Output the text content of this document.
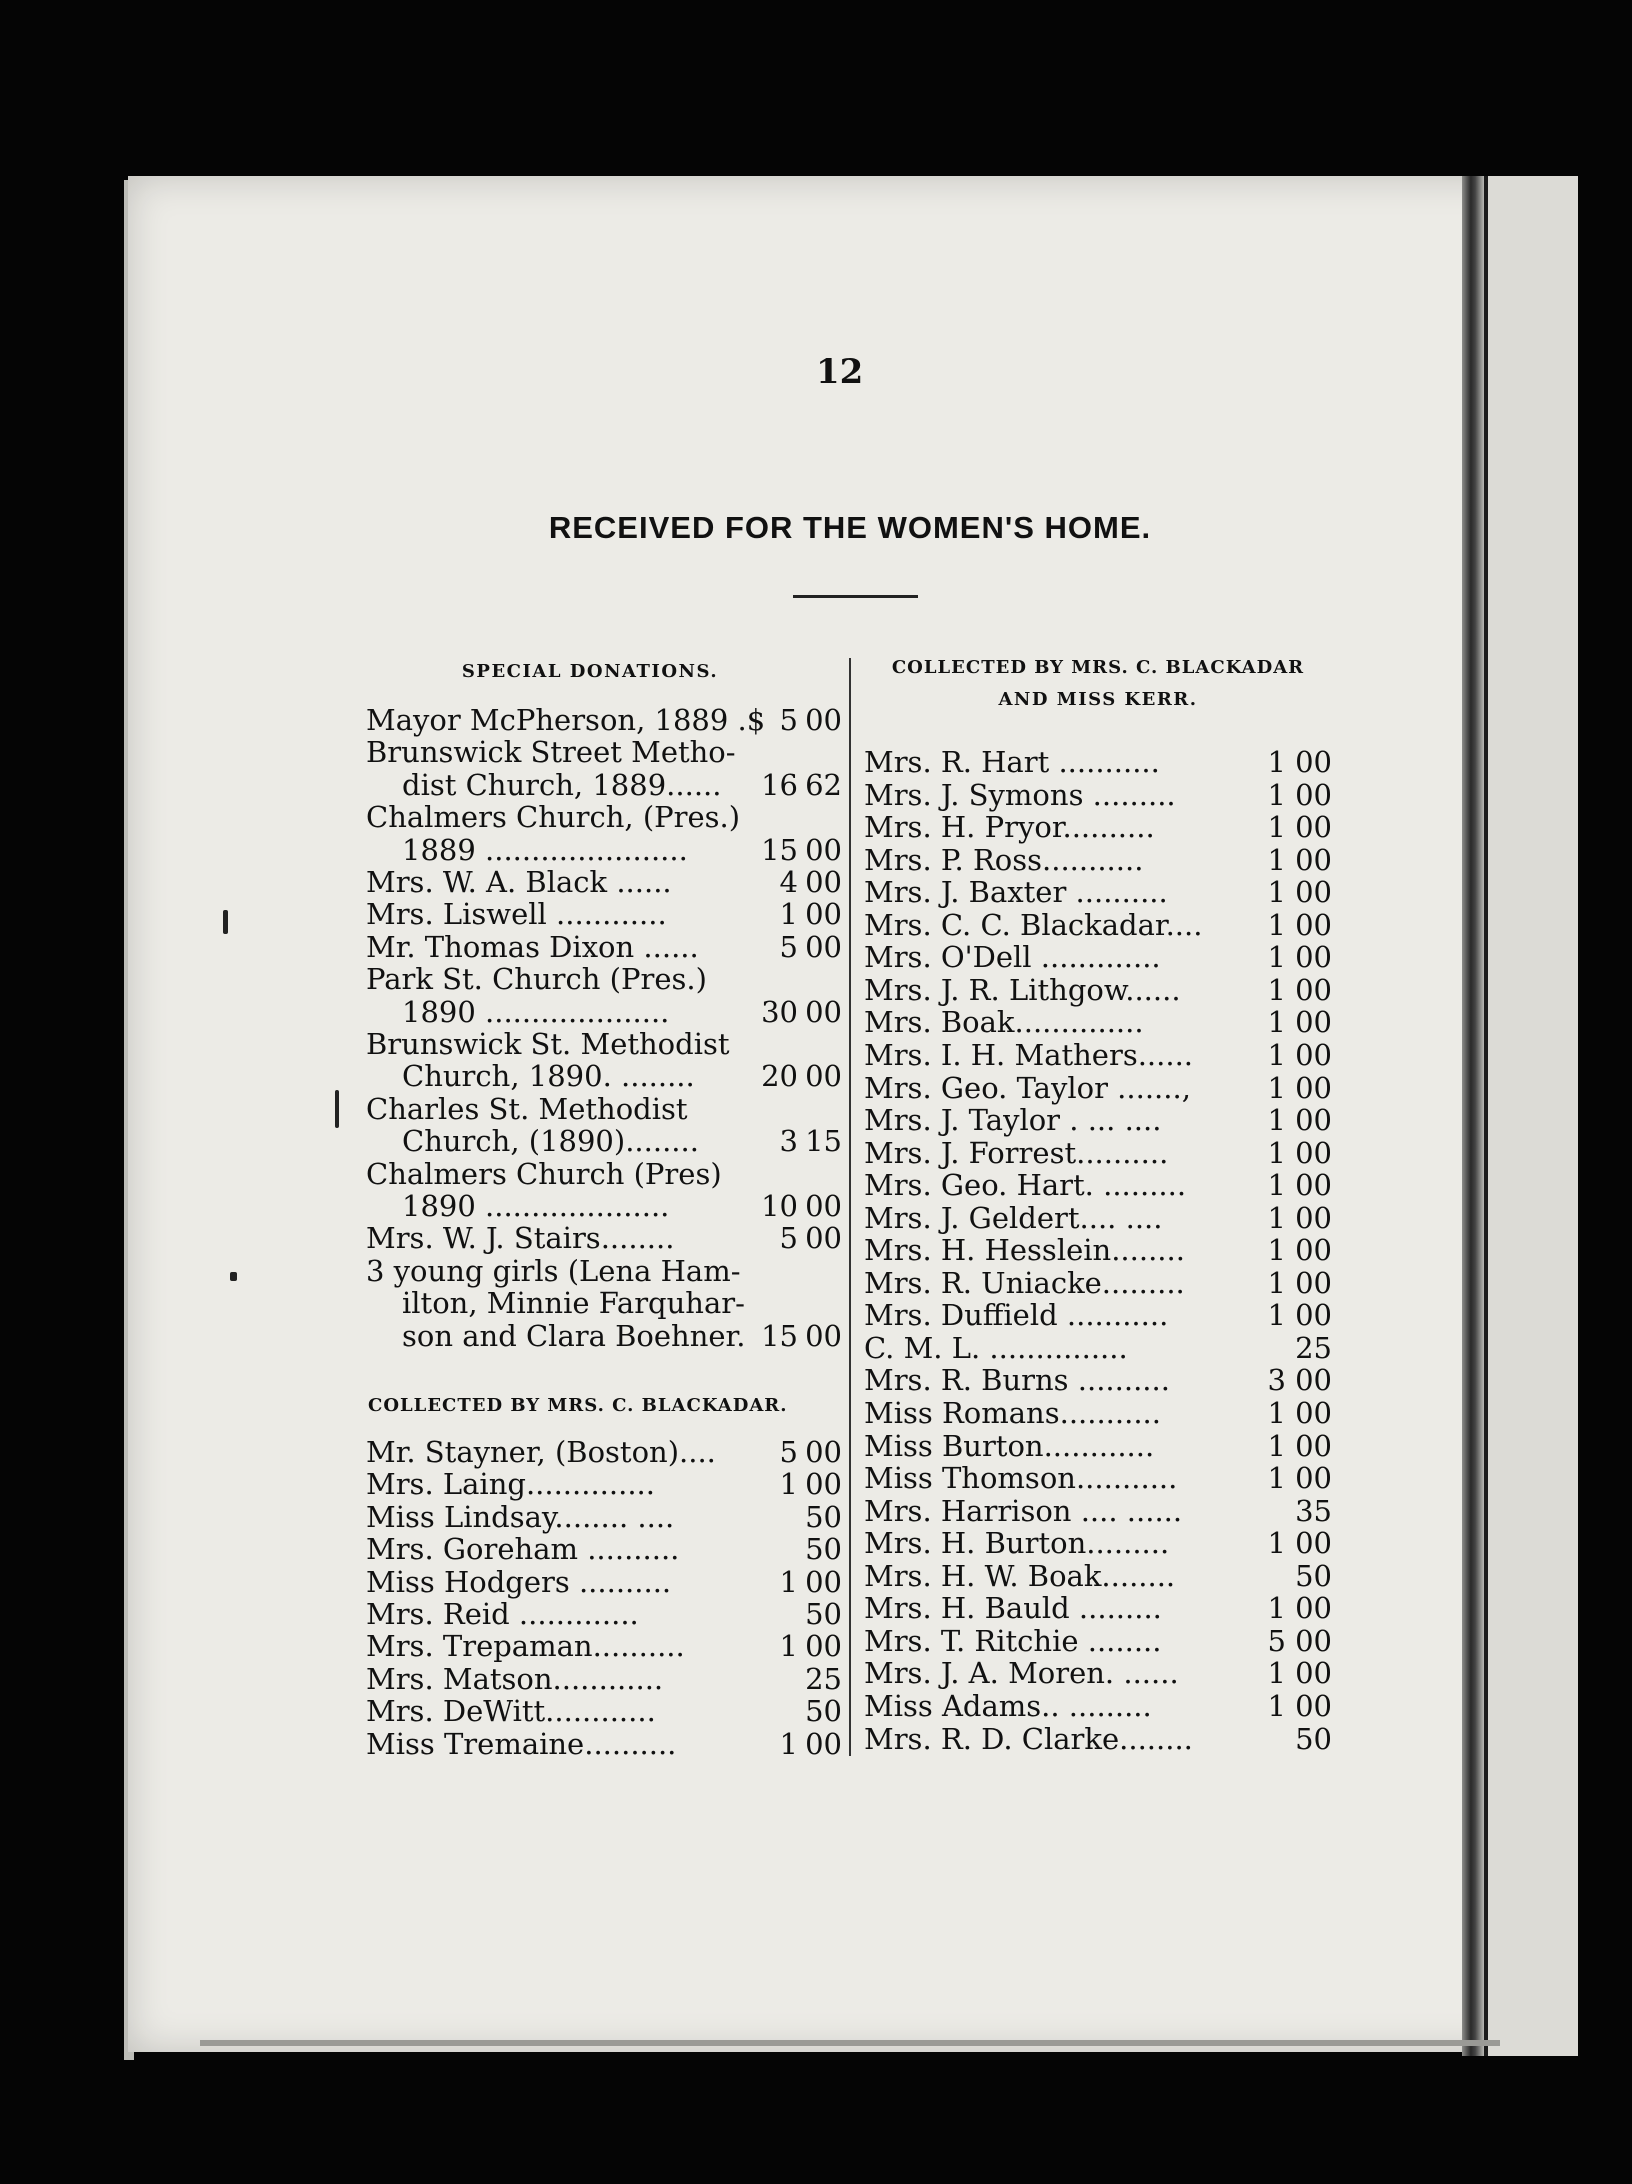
12
RECEIVED FOR THE WOMEN'S HOME.
SPECIAL DONATIONS.
COLLECTED BY MRS. C. BLACKADAR.
COLLECTED BY MRS. C. BLACKADAR
AND MISS KERR.
Mayor McPherson, 1889 .$ 5 00
Brunswick Street Metho-
dist Church, 1889......	16 62
Chalmers Church, (Pres.)
1889 ......................	15 00
Mrs. W. A. Black ......	4 00
Mrs. Liswell ............	1 00
Mr. Thomas Dixon ......	5 00
Park St. Church (Pres.)
1890 ....................	30 00
Brunswick St. Methodist
Church, 1890. ........	20 00
Charles St. Methodist
Church, (1890)........	3 15
Chalmers Church (Pres)
1890 ....................	10 00
Mrs. W. J. Stairs........	5 00
3 young girls (Lena Ham-
ilton, Minnie Farquhar-
son and Clara Boehner. 15 00
Mr. Stayner, (Boston)....	5 00
Mrs. Laing..............	1 00
Miss Lindsay........ ....	50
Mrs. Goreham ..........	50
Miss Hodgers ..........	1 00
Mrs. Reid .............	50
Mrs. Trepaman..........	1 00
Mrs. Matson............	25
Mrs. DeWitt............	50
Miss Tremaine..........	1 00
Mrs. R. Hart ...........	1 00
Mrs. J. Symons .........	1 00
Mrs. H. Pryor..........	1 00
Mrs. P. Ross...........	1 00
Mrs. J. Baxter ..........	1 00
Mrs. C. C. Blackadar....	1 00
Mrs. O'Dell .............	1 00
Mrs. J. R. Lithgow......	1 00
Mrs. Boak..............	1 00
Mrs. I. H. Mathers......	1 00
Mrs. Geo. Taylor .......,	1 00
Mrs. J. Taylor . ... ....	1 00
Mrs. J. Forrest..........	1 00
Mrs. Geo. Hart. .........	1 00
Mrs. J. Geldert.... ....	1 00
Mrs. H. Hesslein........	1 00
Mrs. R. Uniacke.........	1 00
Mrs. Duffield ...........	1 00
C. M. L. ...............	25
Mrs. R. Burns ..........	3 00
Miss Romans...........	1 00
Miss Burton............	1 00
Miss Thomson...........	1 00
Mrs. Harrison .... ......	35
Mrs. H. Burton.........	1 00
Mrs. H. W. Boak........	50
Mrs. H. Bauld .........	1 00
Mrs. T. Ritchie ........	5 00
Mrs. J. A. Moren. ......	1 00
Miss Adams.. .........	1 00
Mrs. R. D. Clarke........	50
